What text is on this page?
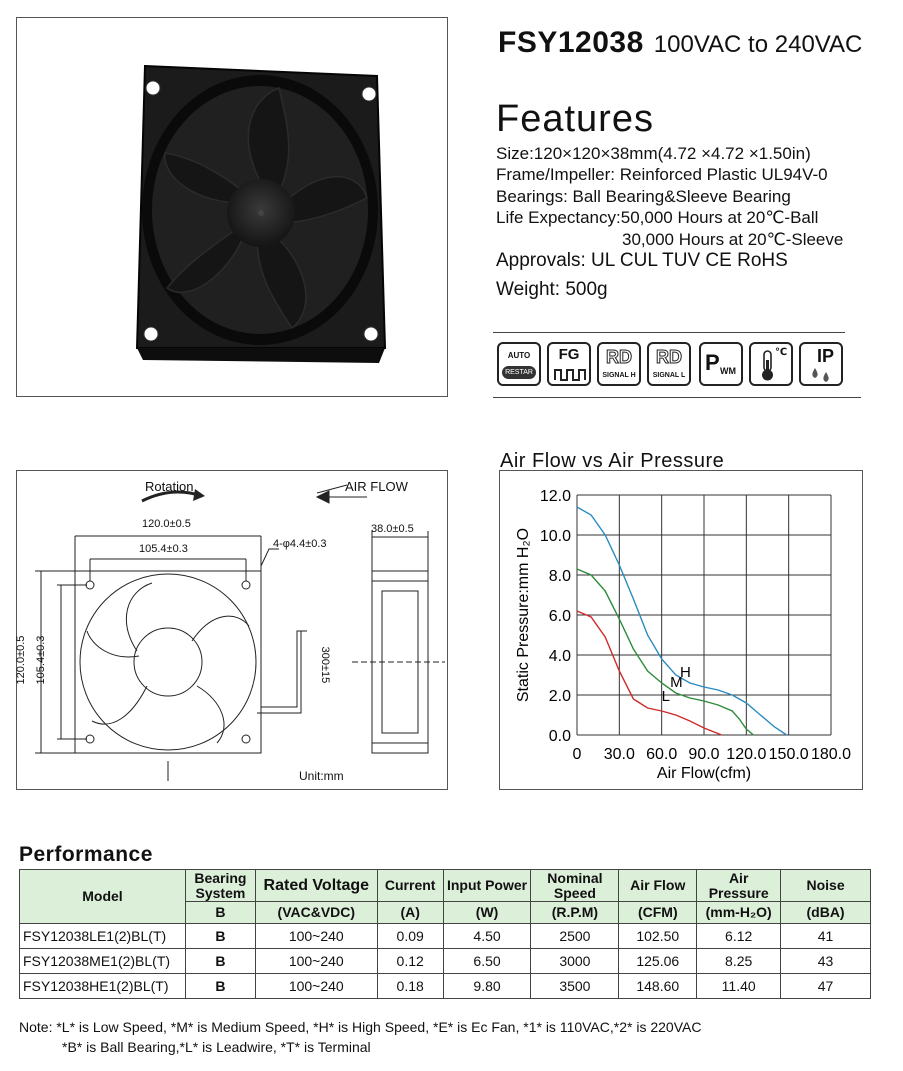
FSY12038 100VAC to 240VAC
Features
Size:120×120×38mm(4.72 ×4.72 ×1.50in)
Frame/Impeller: Reinforced Plastic UL94V-0
Bearings: Ball Bearing&Sleeve Bearing
Life Expectancy:50,000 Hours at 20℃-Ball
30,000 Hours at 20℃-Sleeve
Approvals: UL CUL TUV CE RoHS
Weight: 500g
AUTO
RESTAR
FG	RD
SIGNAL H
RD
SIGNAL L
P WM
℃ IP
Rotation	AIR FLOW
120.0±0.5
105.4±0.3	4-φ4.4±0.3
38.0±0.5
120.0±0.5 105.4±0.3	300±15
Unit:mm
Air Flow vs Air Pressure
0.0
2.0
4.0
6.0
8.0
10.0
12.0
0 30.0 60.0 90.0 120.0 150.0 180.0
Air Flow(cfm)
Static Pressure:mm H₂O	L
M
H
Performance
Model	Bearing System	Rated Voltage	Current	Input Power	Nominal Speed	Air Flow	Air Pressure	Noise
	B	(VAC&VDC)	(A)	(W)	(R.P.M)	(CFM)	(mm-H₂O)	(dBA)
FSY12038LE1(2)BL(T)	B	100~240	0.09	4.50	2500	102.50	6.12	41
FSY12038ME1(2)BL(T)	B	100~240	0.12	6.50	3000	125.06	8.25	43
FSY12038HE1(2)BL(T)	B	100~240	0.18	9.80	3500	148.60	11.40	47
Note: *L* is Low Speed, *M* is Medium Speed, *H* is High Speed, *E* is Ec Fan, *1* is 110VAC,*2* is 220VAC
*B* is Ball Bearing,*L* is Leadwire, *T* is Terminal
